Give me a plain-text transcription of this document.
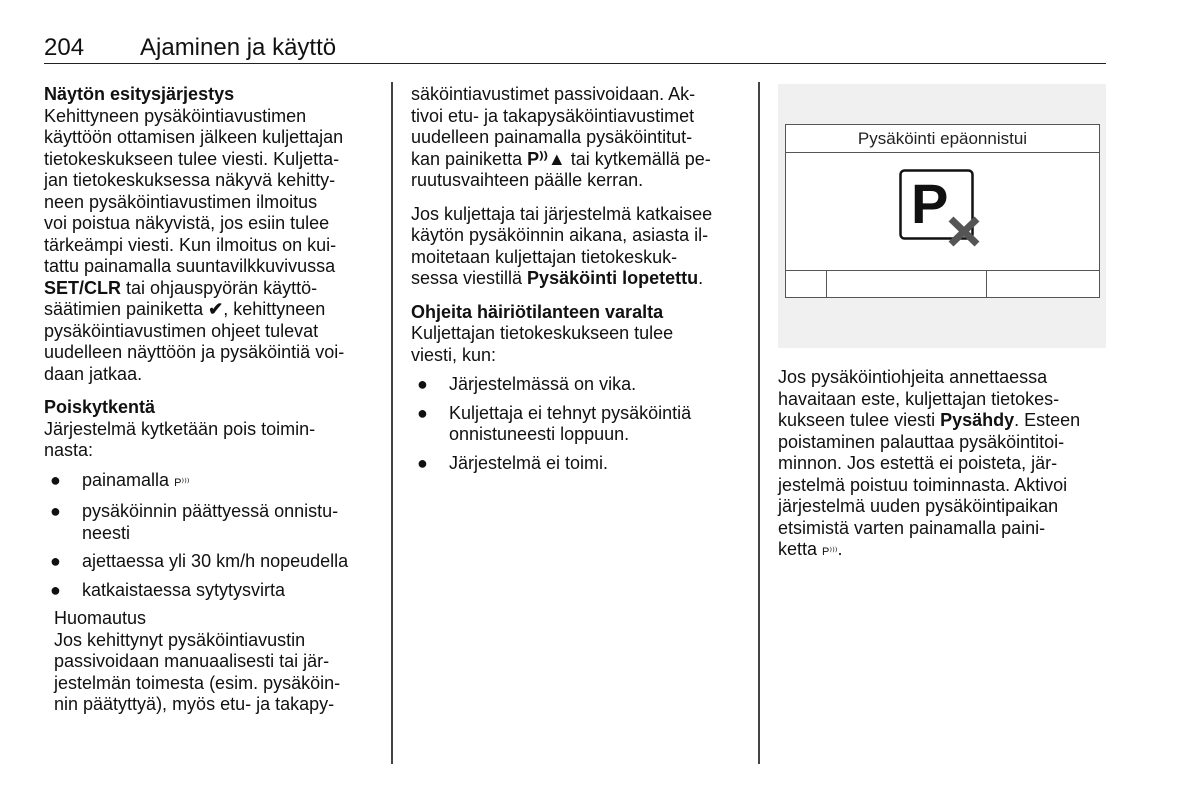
204 Ajaminen ja käyttö

Näytön esitysjärjestys

Kehittyneen pysäköintiavustimen

käyttöön ottamisen jälkeen kuljettajan

tietokeskukseen tulee viesti. Kuljetta-

jan tietokeskuksessa näkyvä kehitty-

neen pysäköintiavustimen ilmoitus

voi poistua näkyvistä, jos esiin tulee

tärkeämpi viesti. Kun ilmoitus on kui-

tattu painamalla suuntavilkkuvivussa

SET/CLR tai ohjauspyörän käyttö-

säätimien painiketta ✔, kehittyneen

pysäköintiavustimen ohjeet tulevat

uudelleen näyttöön ja pysäköintiä voi-

daan jatkaa.

Poiskytkentä

Järjestelmä kytketään pois toimin-

nasta:

● painamalla P⁾⁾⁾
● pysäköinnin päättyessä onnistu-
neesti
● ajettaessa yli 30 km/h nopeudella
● katkaistaessa sytytysvirta

Huomautus

Jos kehittynyt pysäköintiavustin

passivoidaan manuaalisesti tai jär-

jestelmän toimesta (esim. pysäköin-

nin päätyttyä), myös etu- ja takapy-

säköintiavustimet passivoidaan. Ak-

tivoi etu- ja takapysäköintiavustimet

uudelleen painamalla pysäköintitut-

kan painiketta P⁾⁾▲ tai kytkemällä pe-

ruutusvaihteen päälle kerran.

Jos kuljettaja tai järjestelmä katkaisee

käytön pysäköinnin aikana, asiasta il-

moitetaan kuljettajan tietokeskuk-

sessa viestillä Pysäköinti lopetettu.

Ohjeita häiriötilanteen varalta

Kuljettajan tietokeskukseen tulee

viesti, kun:

● Järjestelmässä on vika.
● Kuljettaja ei tehnyt pysäköintiä
onnistuneesti loppuun.
● Järjestelmä ei toimi.
Pysäköinti epäonnistui
P

Jos pysäköintiohjeita annettaessa

havaitaan este, kuljettajan tietokes-

kukseen tulee viesti Pysähdy. Esteen

poistaminen palauttaa pysäköintitoi-

minnon. Jos estettä ei poisteta, jär-

jestelmä poistuu toiminnasta. Aktivoi

järjestelmä uuden pysäköintipaikan

etsimistä varten painamalla paini-

ketta P⁾⁾⁾.
